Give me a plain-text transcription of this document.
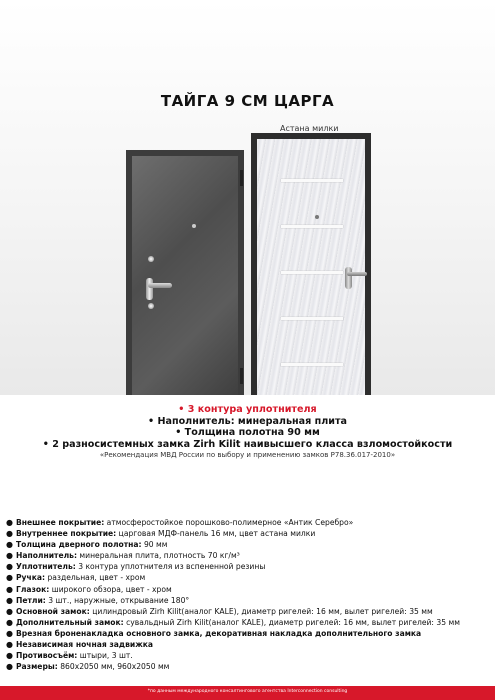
ТАЙГА 9 СМ ЦАРГА
Астана милки
• 3 контура уплотнителя
• Наполнитель: минеральная плита
• Толщина полотна 90 мм
• 2 разносистемных замка Zirh Kilit наивысшего класса взломостойкости
«Рекомендация МВД России по выбору и применению замков Р78.36.017-2010»
● Внешнее покрытие: атмосферостойкое порошково-полимерное «Антик Серебро»
● Внутреннее покрытие: царговая МДФ-панель 16 мм, цвет астана милки
● Толщина дверного полотна: 90 мм
● Наполнитель: минеральная плита, плотность 70 кг/м³
● Уплотнитель: 3 контура уплотнителя из вспененной резины
● Ручка: раздельная, цвет - хром
● Глазок: широкого обзора, цвет - хром
● Петли: 3 шт., наружные, открывание 180°
● Основной замок: цилиндровый Zirh Kilit(аналог KALE), диаметр ригелей: 16 мм, вылет ригелей: 35 мм
● Дополнительный замок: сувальдный Zirh Kilit(аналог KALE), диаметр ригелей: 16 мм, вылет ригелей: 35 мм
● Врезная броненакладка основного замка, декоративная накладка дополнительного замка
● Независимая ночная задвижка
● Противосъём: штыри, 3 шт.
● Размеры: 860х2050 мм, 960х2050 мм
*по данным международного консалтингового агентства Interconnection consulting
